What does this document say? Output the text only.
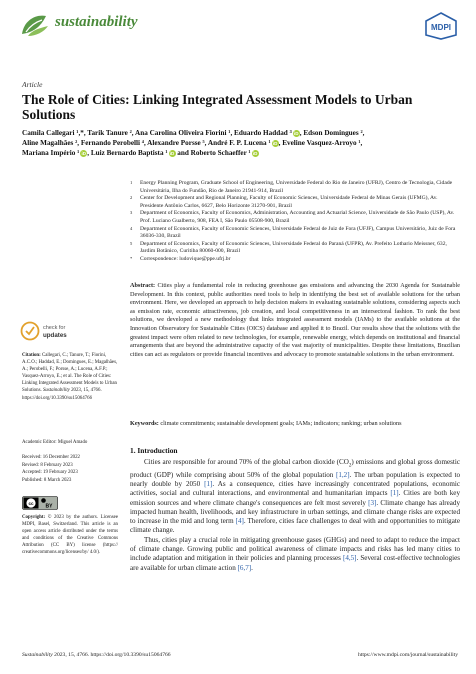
sustainability	MDPI
Article
The Role of Cities: Linking Integrated Assessment Models to Urban Solutions
Camila Callegari ¹,*, Tarik Tanure ², Ana Carolina Oliveira Fiorini ¹, Eduardo Haddad ³ iD, Edson Domingues ²,
Aline Magalhães ², Fernando Perobelli ⁴, Alexandre Porsse ⁵, André F. P. Lucena ¹ iD, Eveline Vasquez-Arroyo ¹,
Mariana Império ¹ iD, Luiz Bernardo Baptista ¹ iD and Roberto Schaeffer ¹ iD
1 Energy Planning Program, Graduate School of Engineering, Universidade Federal do Rio de Janeiro (UFRJ), Centro de Tecnologia, Cidade Universitária, Ilha do Fundão, Rio de Janeiro 21941-914, Brazil
2 Center for Development and Regional Planning, Faculty of Economic Sciences, Universidade Federal de Minas Gerais (UFMG), Av. Presidente Antônio Carlos, 6627, Belo Horizonte 31270-901, Brazil
3 Department of Economics, Faculty of Economics, Administration, Accounting and Actuarial Science, Universidade de São Paulo (USP), Av. Prof. Luciano Gualberto, 908, FEA I, São Paulo 05508-900, Brazil
4 Department of Economics, Faculty of Economic Sciences, Universidade Federal de Juiz de Fora (UFJF), Campus Universitário, Juiz de Fora 36036-330, Brazil
5 Department of Economics, Faculty of Economic Sciences, Universidade Federal do Paraná (UFPR), Av. Prefeito Lothario Meissner, 632, Jardim Botânico, Curitiba 80060-000, Brazil
* Correspondence: ludovique@ppe.ufrj.br
Abstract: Cities play a fundamental role in reducing greenhouse gas emissions and advancing the 2030 Agenda for Sustainable Development. In this context, public authorities need tools to help in identifying the best set of available solutions for the urban environment. Here, we developed an approach to help decision makers in evaluating sustainable solutions, considering aspects such as emission rate, economic attractiveness, job creation, and local competitiveness in an intersectoral fashion. To rank the best solutions, we developed a new methodology that links integrated assessment models (IAMs) to the available solutions at the Innovation Observatory for Sustainable Cities (OICS) database and applied it to Brazil. Our results show that the solutions with the greatest impact were often related to new technologies, for example, renewable energy, which depends on institutional and financial arrangements that are beyond the administrative capacity of the vast majority of municipalities. Despite these limitations, Brazilian cities can act as regulators or provide financial incentives and advocacy to promote sustainable solutions in the urban environment.
Keywords: climate commitments; sustainable development goals; IAMs; indicators; ranking; urban solutions
check for
updates
Citation: Callegari, C.; Tanure, T.; Fiorini, A.C.O.; Haddad, E.; Domingues, E.; Magalhães, A.; Perobelli, F.; Porsse, A.; Lucena, A.F.P.; Vasquez-Arroyo, E.; et al. The Role of Cities: Linking Integrated Assessment Models to Urban Solutions. Sustainability 2023, 15, 4766. https://doi.org/10.3390/su15064766
Academic Editor: Miguel Amado
Received: 16 December 2022
Revised: 8 February 2023
Accepted: 19 February 2023
Published: 8 March 2023
cc
BY
Copyright: © 2023 by the authors. Licensee MDPI, Basel, Switzerland. This article is an open access article distributed under the terms and conditions of the Creative Commons Attribution (CC BY) license (https:// creativecommons.org/licenses/by/ 4.0/).
1. Introduction

Cities are responsible for around 70% of the global carbon dioxide $(CO_2)$ emissions and global gross domestic product (GDP) while comprising about 50% of the global population [1,2]. The urban population is expected to nearly double by 2050 [1]. As a consequence, cities have increasingly concentrated populations, economic activities, social and cultural interactions, and environmental and humanitarian impacts [1]. Cities are both key emission sources and where climate change's consequences are felt most severely [3]. Climate change has already impacted human health, livelihoods, and key infrastructure in urban settings, and climate change risks are expected to increase in the mid and long term [4]. Therefore, cities face challenges to deal with and opportunities to mitigate climate change.

Thus, cities play a crucial role in mitigating greenhouse gases (GHGs) and need to adapt to reduce the impact of climate change. Growing public and political awareness of climate impacts and risks has led many cities to include adaptation and mitigation in their policies and planning processes [4,5]. Several cost-effective technologies are available for urban climate action [6,7].

Sustainability 2023, 15, 4766. https://doi.org/10.3390/su15064766	https://www.mdpi.com/journal/sustainability
